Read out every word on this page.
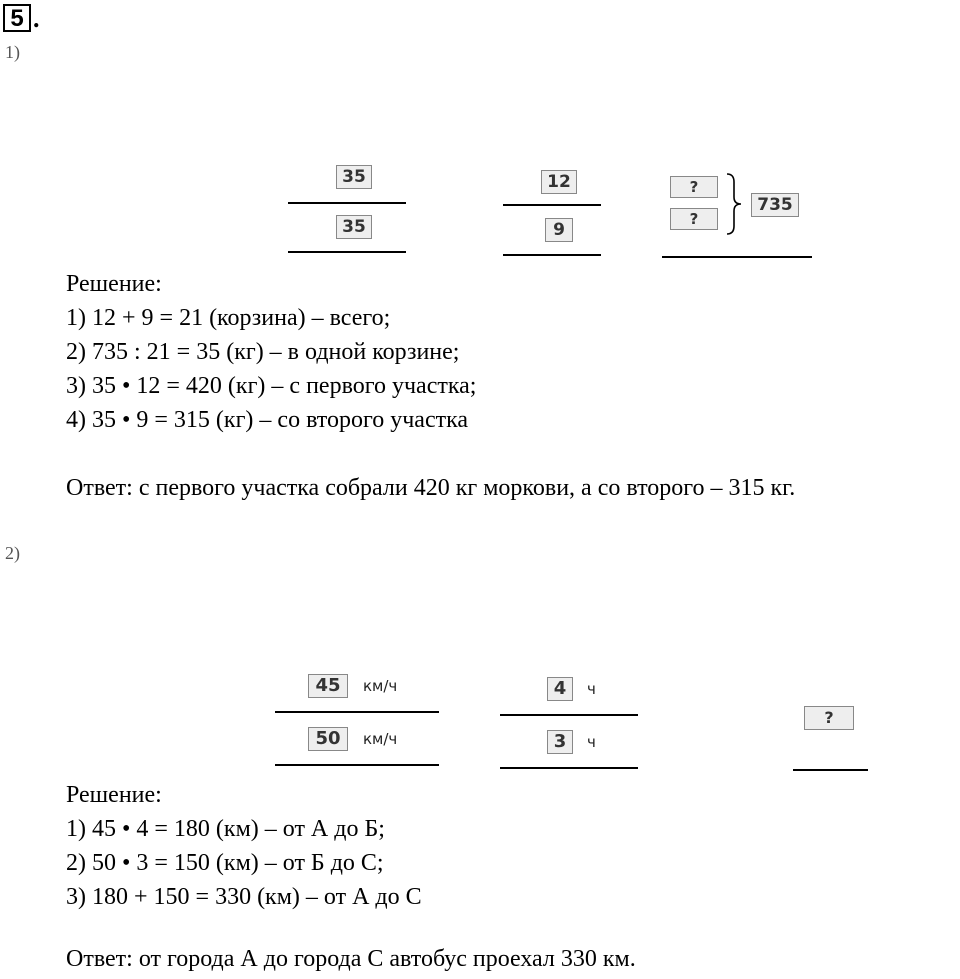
5 .
1)
35
35
12
9
?
?
735
Решение:
1) 12 + 9 = 21 (корзина) – всего;
2) 735 : 21 = 35 (кг) – в одной корзине;
3) 35 • 12 = 420 (кг) – с первого участка;
4) 35 • 9 = 315 (кг) – со второго участка
Ответ: с первого участка собрали 420 кг моркови, а со второго – 315 кг.
2)
45	км/ч
50	км/ч
4	ч
3	ч
?
Решение:
1) 45 • 4 = 180 (км) – от А до Б;
2) 50 • 3 = 150 (км) – от Б до С;
3) 180 + 150 = 330 (км) – от А до С
Ответ: от города А до города С автобус проехал 330 км.
